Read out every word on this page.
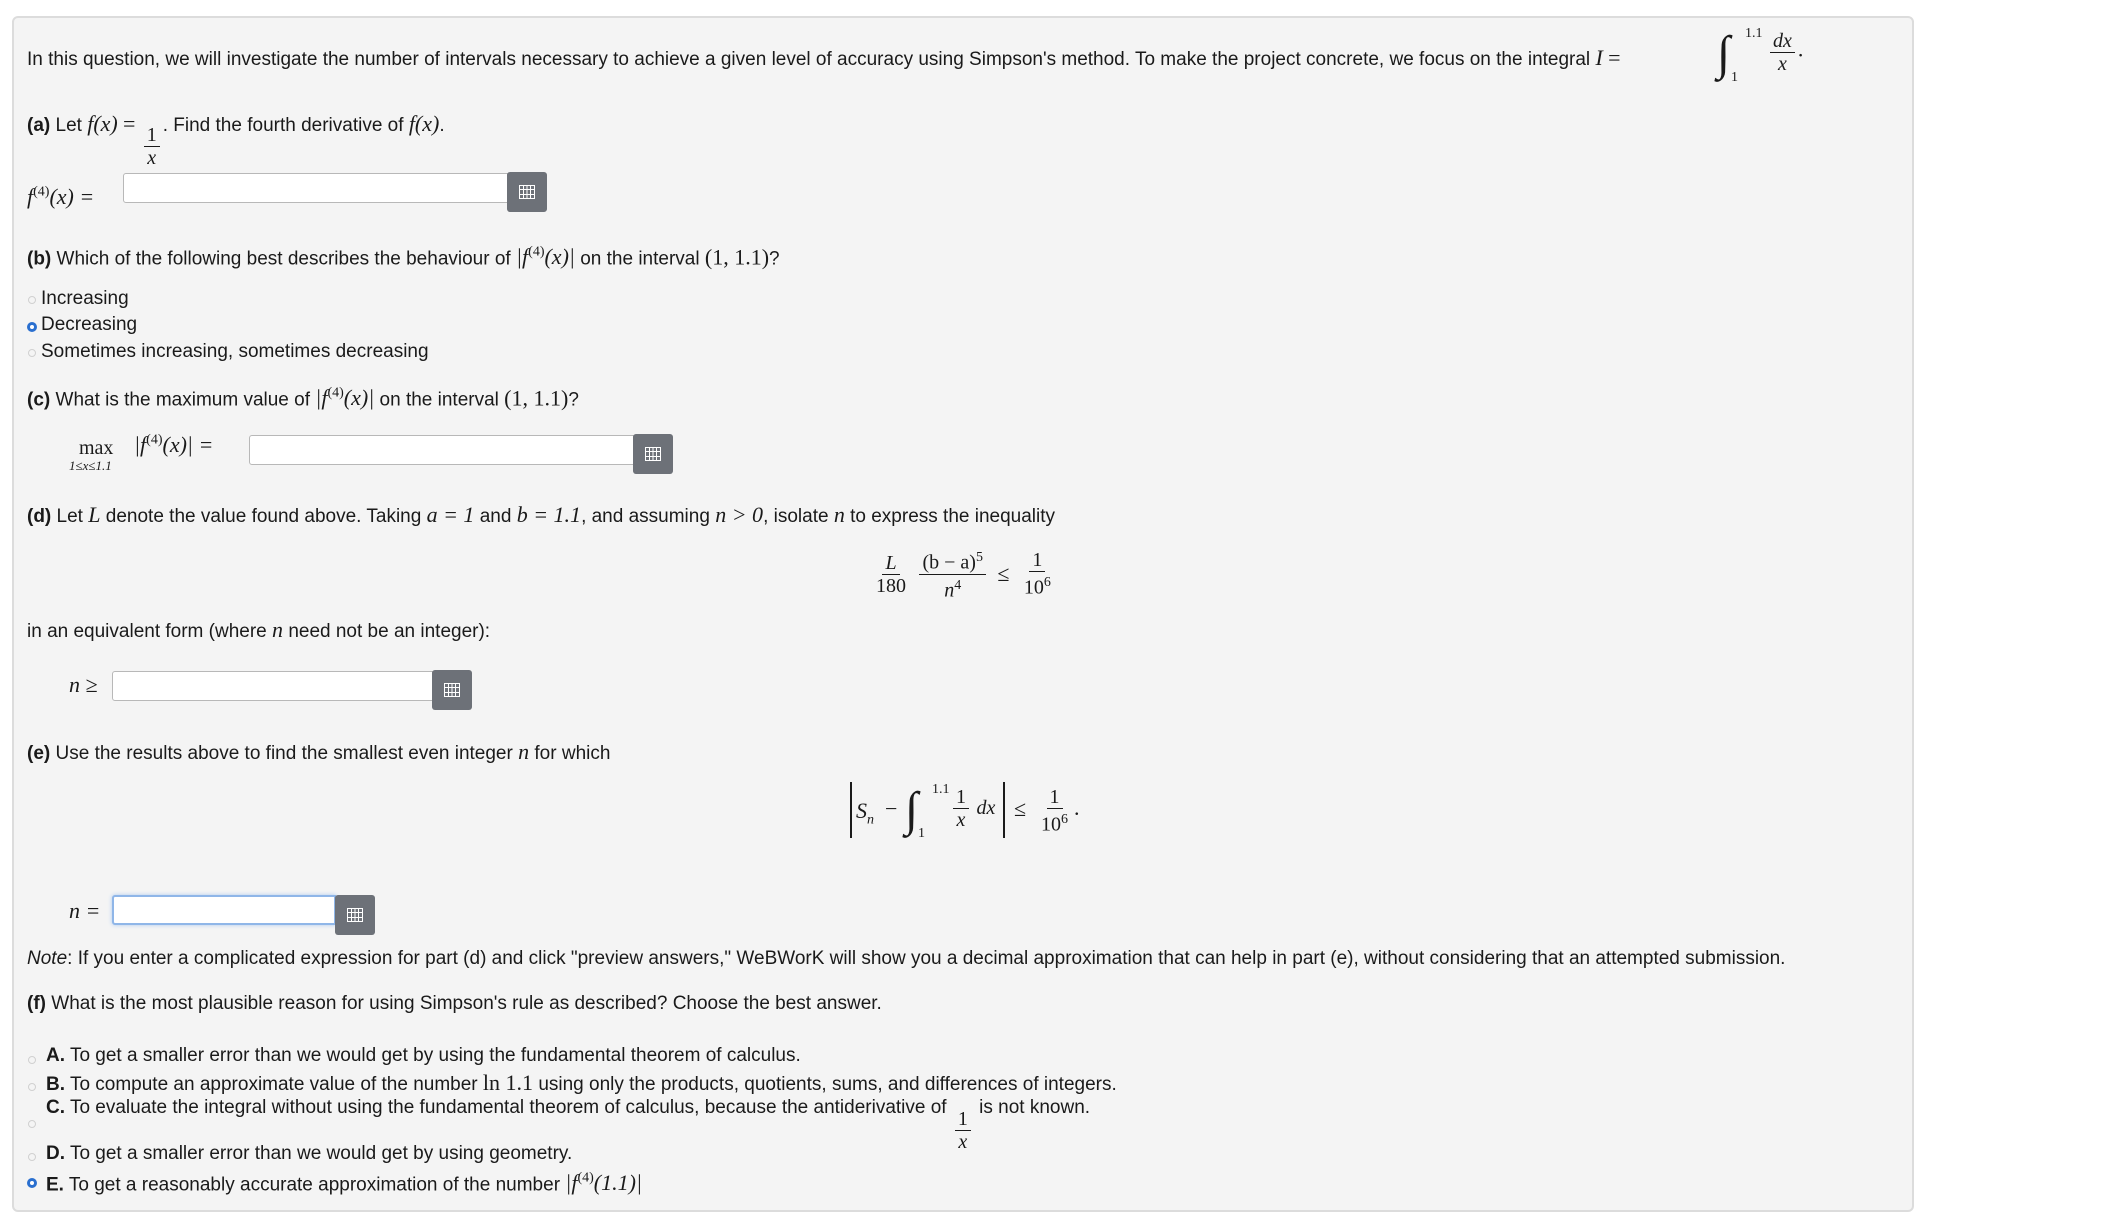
In this question, we will investigate the number of intervals necessary to achieve a given level of accuracy using Simpson's method. To make the project concrete, we focus on the integral I = ∫ 1.1
1
$\frac{dx}{x}$ .
(a) Let f(x) =
$\frac{1}{x}$ . Find the fourth derivative of f(x).
$f^{(4)}(x)$ =
(b) Which of the following best describes the behaviour of $|f^{(4)}(x)|$ on the interval (1, 1.1)?
Increasing
Decreasing
Sometimes increasing, sometimes decreasing
(c) What is the maximum value of $|f^{(4)}(x)|$ on the interval (1, 1.1)?
max
1≤x≤1.1
$|f^{(4)}(x)|$ =
(d) Let L denote the value found above. Taking a = 1 and b = 1.1, and assuming n > 0, isolate n to express the inequality
$\frac{L}{180}$
$\frac{(b - a)^5}{n^4} \le \frac{1}{10^6}$
in an equivalent form (where n need not be an integer):
n ≥
(e) Use the results above to find the smallest even integer n for which
$S_n$ − ∫ 1.1
1
$\frac{1}{x}$ dx ≤ $\frac{1}{10^6}$ .
n =
Note: If you enter a complicated expression for part (d) and click "preview answers," WeBWorK will show you a decimal approximation that can help in part (e), without considering that an attempted submission.
(f) What is the most plausible reason for using Simpson's rule as described? Choose the best answer.
A. To get a smaller error than we would get by using the fundamental theorem of calculus.
B. To compute an approximate value of the number ln 1.1 using only the products, quotients, sums, and differences of integers.
C. To evaluate the integral without using the fundamental theorem of calculus, because the antiderivative of
$\frac{1}{x}$
is not known.
D. To get a smaller error than we would get by using geometry.
E. To get a reasonably accurate approximation of the number $|f^{(4)}(1.1)|$
